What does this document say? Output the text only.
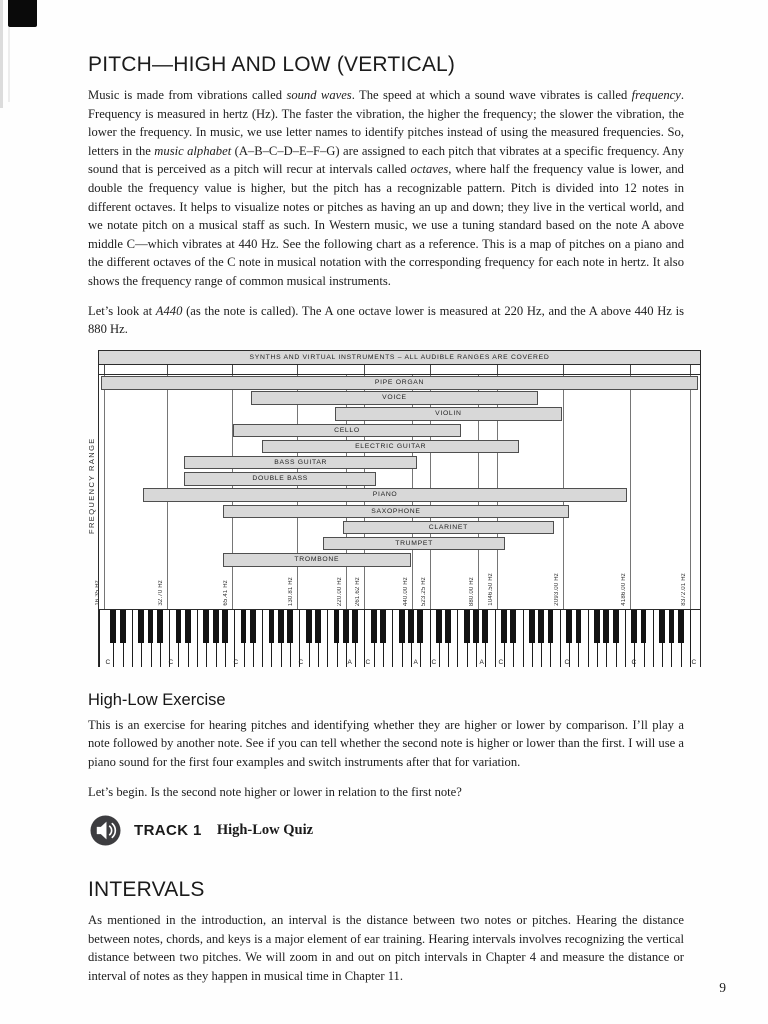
PITCH—HIGH AND LOW (VERTICAL)

Music is made from vibrations called sound waves. The speed at which a sound wave vibrates is called frequency. Frequency is measured in hertz (Hz). The faster the vibration, the higher the frequency; the slower the vibration, the lower the frequency. In music, we use letter names to identify pitches instead of using the measured frequencies. So, letters in the music alphabet (A–B–C–D–E–F–G) are assigned to each pitch that vibrates at a specific frequency. Any sound that is perceived as a pitch will recur at intervals called octaves, where half the frequency value is lower, and double the frequency value is higher, but the pitch has a recognizable pattern. Pitch is divided into 12 notes in different octaves. It helps to visualize notes or pitches as having an up and down; they live in the vertical world, and we notate pitch on a musical staff as such. In Western music, we use a tuning standard based on the note A above middle C—which vibrates at 440 Hz. See the following chart as a reference. This is a map of pitches on a piano and the different octaves of the C note in musical notation with the corresponding frequency for each note in hertz. It also shows the frequency range of common musical instruments.

Let’s look at A440 (as the note is called). The A one octave lower is measured at 220 Hz, and the A above 440 Hz is 880 Hz.

FREQUENCY RANGE
SYNTHS AND VIRTUAL INSTRUMENTS – ALL AUDIBLE RANGES ARE COVERED
PIPE ORGAN
VOICE
VIOLIN
CELLO
ELECTRIC GUITAR
BASS GUITAR
DOUBLE BASS
PIANO
SAXOPHONE
CLARINET
TRUMPET
TROMBONE
16.35 Hz	32.70 Hz	65.41 Hz	130.81 Hz	220.00 Hz 261.62 Hz	440.00 Hz 523.25 Hz	880.00 Hz 1046.50 Hz	2093.00 Hz	4186.00 Hz	8372.01 Hz
C	C	C	C	A C	A C	A C	C	C	C
High-Low Exercise

This is an exercise for hearing pitches and identifying whether they are higher or lower by comparison. I’ll play a note followed by another note. See if you can tell whether the second note is higher or lower than the first. I will use a piano sound for the first four examples and switch instruments after that for variation.

Let’s begin. Is the second note higher or lower in relation to the first note?

TRACK 1 High-Low Quiz
INTERVALS

As mentioned in the introduction, an interval is the distance between two notes or pitches. Hearing the distance between notes, chords, and keys is a major element of ear training. Hearing intervals involves recognizing the vertical distance between two pitches. We will zoom in and out on pitch intervals in Chapter 4 and measure the distance or interval of notes as they happen in musical time in Chapter 11.

9
